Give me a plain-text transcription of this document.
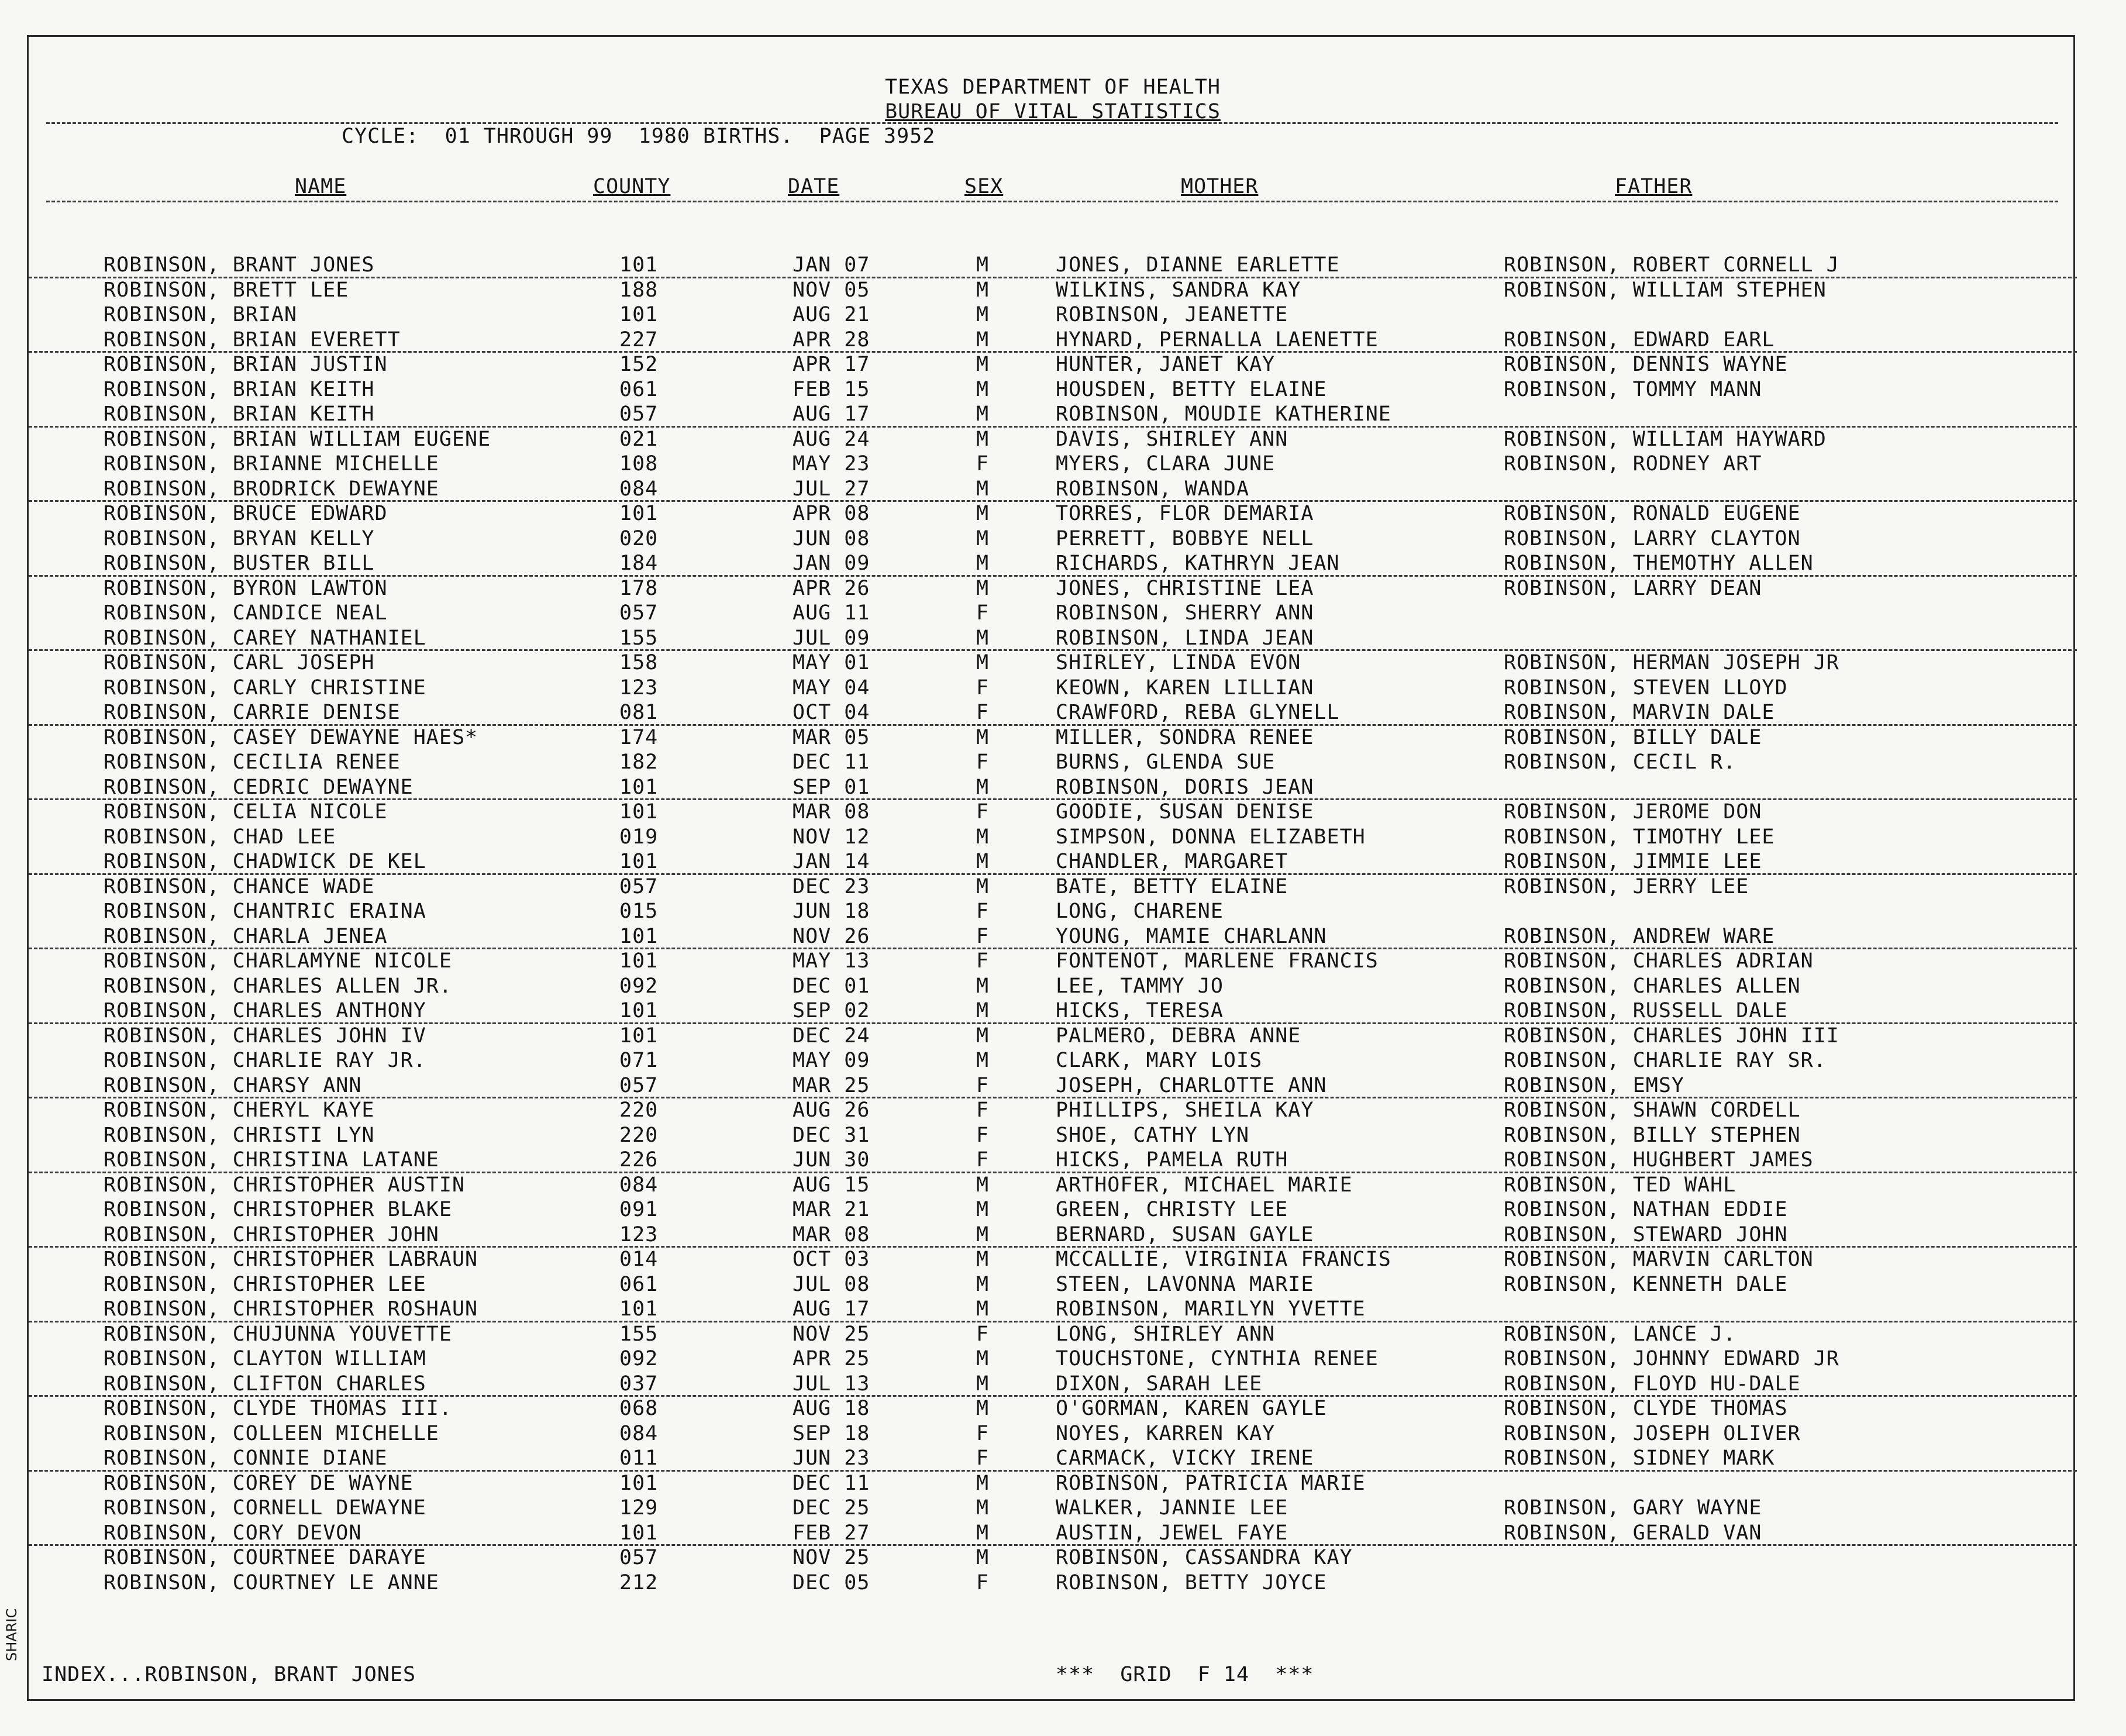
TEXAS DEPARTMENT OF HEALTH
BUREAU OF VITAL STATISTICS
CYCLE:  01 THROUGH 99  1980 BIRTHS.  PAGE 3952
NAME	COUNTY	DATE	SEX	MOTHER	FATHER
ROBINSON, BRANT JONES	101	JAN 07	M	JONES, DIANNE EARLETTE	ROBINSON, ROBERT CORNELL J
ROBINSON, BRETT LEE	188	NOV 05	M	WILKINS, SANDRA KAY	ROBINSON, WILLIAM STEPHEN
ROBINSON, BRIAN	101	AUG 21	M	ROBINSON, JEANETTE
ROBINSON, BRIAN EVERETT	227	APR 28	M	HYNARD, PERNALLA LAENETTE	ROBINSON, EDWARD EARL
ROBINSON, BRIAN JUSTIN	152	APR 17	M	HUNTER, JANET KAY	ROBINSON, DENNIS WAYNE
ROBINSON, BRIAN KEITH	061	FEB 15	M	HOUSDEN, BETTY ELAINE	ROBINSON, TOMMY MANN
ROBINSON, BRIAN KEITH	057	AUG 17	M	ROBINSON, MOUDIE KATHERINE
ROBINSON, BRIAN WILLIAM EUGENE	021	AUG 24	M	DAVIS, SHIRLEY ANN	ROBINSON, WILLIAM HAYWARD
ROBINSON, BRIANNE MICHELLE	108	MAY 23	F	MYERS, CLARA JUNE	ROBINSON, RODNEY ART
ROBINSON, BRODRICK DEWAYNE	084	JUL 27	M	ROBINSON, WANDA
ROBINSON, BRUCE EDWARD	101	APR 08	M	TORRES, FLOR DEMARIA	ROBINSON, RONALD EUGENE
ROBINSON, BRYAN KELLY	020	JUN 08	M	PERRETT, BOBBYE NELL	ROBINSON, LARRY CLAYTON
ROBINSON, BUSTER BILL	184	JAN 09	M	RICHARDS, KATHRYN JEAN	ROBINSON, THEMOTHY ALLEN
ROBINSON, BYRON LAWTON	178	APR 26	M	JONES, CHRISTINE LEA	ROBINSON, LARRY DEAN
ROBINSON, CANDICE NEAL	057	AUG 11	F	ROBINSON, SHERRY ANN
ROBINSON, CAREY NATHANIEL	155	JUL 09	M	ROBINSON, LINDA JEAN
ROBINSON, CARL JOSEPH	158	MAY 01	M	SHIRLEY, LINDA EVON	ROBINSON, HERMAN JOSEPH JR
ROBINSON, CARLY CHRISTINE	123	MAY 04	F	KEOWN, KAREN LILLIAN	ROBINSON, STEVEN LLOYD
ROBINSON, CARRIE DENISE	081	OCT 04	F	CRAWFORD, REBA GLYNELL	ROBINSON, MARVIN DALE
ROBINSON, CASEY DEWAYNE HAES*	174	MAR 05	M	MILLER, SONDRA RENEE	ROBINSON, BILLY DALE
ROBINSON, CECILIA RENEE	182	DEC 11	F	BURNS, GLENDA SUE	ROBINSON, CECIL R.
ROBINSON, CEDRIC DEWAYNE	101	SEP 01	M	ROBINSON, DORIS JEAN
ROBINSON, CELIA NICOLE	101	MAR 08	F	GOODIE, SUSAN DENISE	ROBINSON, JEROME DON
ROBINSON, CHAD LEE	019	NOV 12	M	SIMPSON, DONNA ELIZABETH	ROBINSON, TIMOTHY LEE
ROBINSON, CHADWICK DE KEL	101	JAN 14	M	CHANDLER, MARGARET	ROBINSON, JIMMIE LEE
ROBINSON, CHANCE WADE	057	DEC 23	M	BATE, BETTY ELAINE	ROBINSON, JERRY LEE
ROBINSON, CHANTRIC ERAINA	015	JUN 18	F	LONG, CHARENE
ROBINSON, CHARLA JENEA	101	NOV 26	F	YOUNG, MAMIE CHARLANN	ROBINSON, ANDREW WARE
ROBINSON, CHARLAMYNE NICOLE	101	MAY 13	F	FONTENOT, MARLENE FRANCIS	ROBINSON, CHARLES ADRIAN
ROBINSON, CHARLES ALLEN JR.	092	DEC 01	M	LEE, TAMMY JO	ROBINSON, CHARLES ALLEN
ROBINSON, CHARLES ANTHONY	101	SEP 02	M	HICKS, TERESA	ROBINSON, RUSSELL DALE
ROBINSON, CHARLES JOHN IV	101	DEC 24	M	PALMERO, DEBRA ANNE	ROBINSON, CHARLES JOHN III
ROBINSON, CHARLIE RAY JR.	071	MAY 09	M	CLARK, MARY LOIS	ROBINSON, CHARLIE RAY SR.
ROBINSON, CHARSY ANN	057	MAR 25	F	JOSEPH, CHARLOTTE ANN	ROBINSON, EMSY
ROBINSON, CHERYL KAYE	220	AUG 26	F	PHILLIPS, SHEILA KAY	ROBINSON, SHAWN CORDELL
ROBINSON, CHRISTI LYN	220	DEC 31	F	SHOE, CATHY LYN	ROBINSON, BILLY STEPHEN
ROBINSON, CHRISTINA LATANE	226	JUN 30	F	HICKS, PAMELA RUTH	ROBINSON, HUGHBERT JAMES
ROBINSON, CHRISTOPHER AUSTIN	084	AUG 15	M	ARTHOFER, MICHAEL MARIE	ROBINSON, TED WAHL
ROBINSON, CHRISTOPHER BLAKE	091	MAR 21	M	GREEN, CHRISTY LEE	ROBINSON, NATHAN EDDIE
ROBINSON, CHRISTOPHER JOHN	123	MAR 08	M	BERNARD, SUSAN GAYLE	ROBINSON, STEWARD JOHN
ROBINSON, CHRISTOPHER LABRAUN	014	OCT 03	M	MCCALLIE, VIRGINIA FRANCIS	ROBINSON, MARVIN CARLTON
ROBINSON, CHRISTOPHER LEE	061	JUL 08	M	STEEN, LAVONNA MARIE	ROBINSON, KENNETH DALE
ROBINSON, CHRISTOPHER ROSHAUN	101	AUG 17	M	ROBINSON, MARILYN YVETTE
ROBINSON, CHUJUNNA YOUVETTE	155	NOV 25	F	LONG, SHIRLEY ANN	ROBINSON, LANCE J.
ROBINSON, CLAYTON WILLIAM	092	APR 25	M	TOUCHSTONE, CYNTHIA RENEE	ROBINSON, JOHNNY EDWARD JR
ROBINSON, CLIFTON CHARLES	037	JUL 13	M	DIXON, SARAH LEE	ROBINSON, FLOYD HU-DALE
ROBINSON, CLYDE THOMAS III.	068	AUG 18	M	O'GORMAN, KAREN GAYLE	ROBINSON, CLYDE THOMAS
ROBINSON, COLLEEN MICHELLE	084	SEP 18	F	NOYES, KARREN KAY	ROBINSON, JOSEPH OLIVER
ROBINSON, CONNIE DIANE	011	JUN 23	F	CARMACK, VICKY IRENE	ROBINSON, SIDNEY MARK
ROBINSON, COREY DE WAYNE	101	DEC 11	M	ROBINSON, PATRICIA MARIE
ROBINSON, CORNELL DEWAYNE	129	DEC 25	M	WALKER, JANNIE LEE	ROBINSON, GARY WAYNE
ROBINSON, CORY DEVON	101	FEB 27	M	AUSTIN, JEWEL FAYE	ROBINSON, GERALD VAN
ROBINSON, COURTNEE DARAYE	057	NOV 25	M	ROBINSON, CASSANDRA KAY
ROBINSON, COURTNEY LE ANNE	212	DEC 05	F	ROBINSON, BETTY JOYCE
INDEX...ROBINSON, BRANT JONES	***  GRID  F 14  ***
SHARIC
